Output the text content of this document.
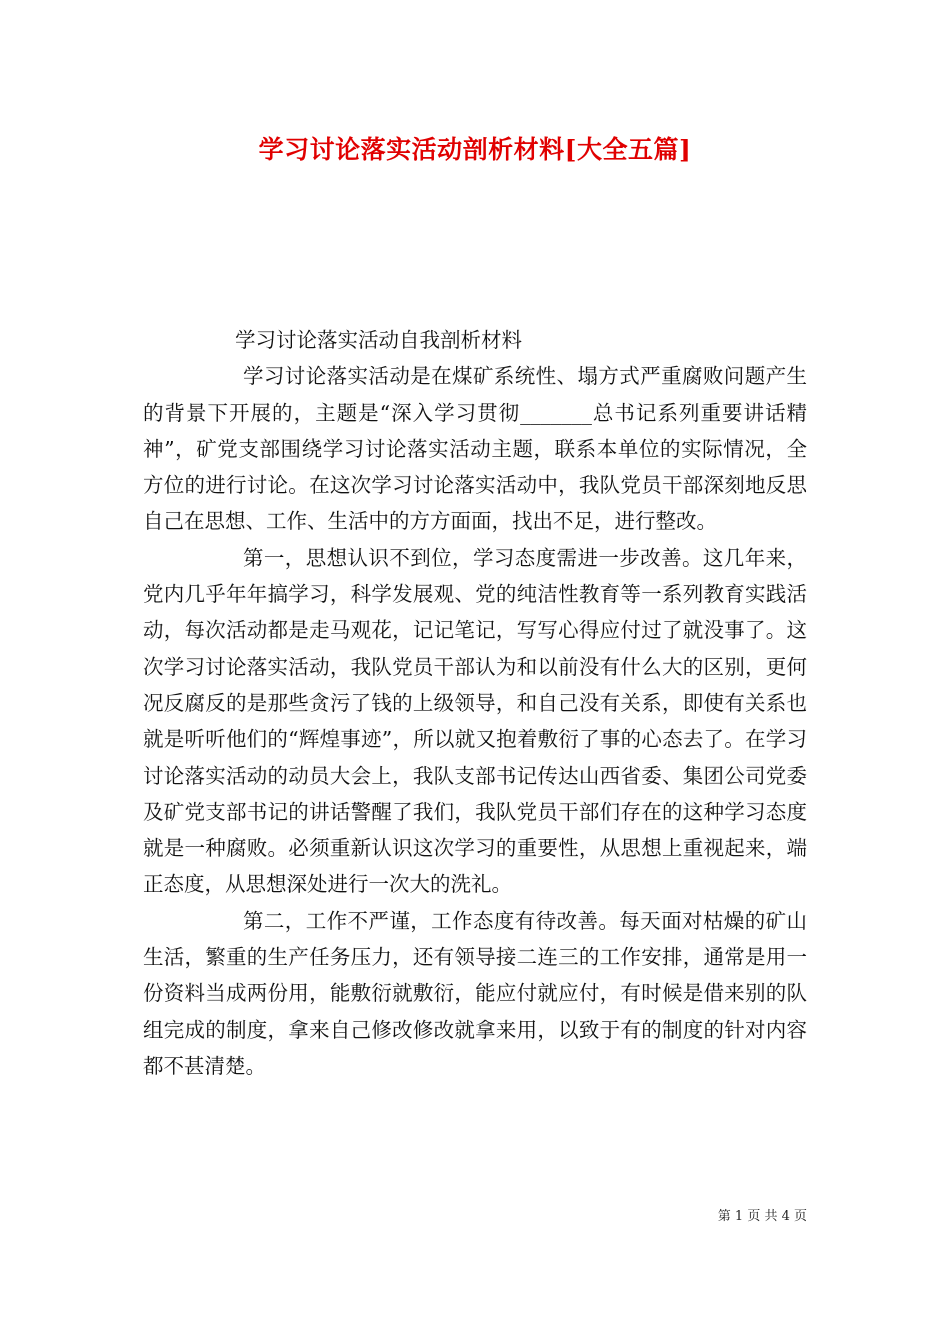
学习讨论落实活动剖析材料[大全五篇]

学习讨论落实活动自我剖析材料

学习讨论落实活动是在煤矿系统性、塌方式严重腐败问题产生的背景下开展的，主题是“深入学习贯彻_______总书记系列重要讲话精神”，矿党支部围绕学习讨论落实活动主题，联系本单位的实际情况，全方位的进行讨论。在这次学习讨论落实活动中，我队党员干部深刻地反思自己在思想、工作、生活中的方方面面，找出不足，进行整改。

第一，思想认识不到位，学习态度需进一步改善。这几年来，党内几乎年年搞学习，科学发展观、党的纯洁性教育等一系列教育实践活动，每次活动都是走马观花，记记笔记，写写心得应付过了就没事了。这次学习讨论落实活动，我队党员干部认为和以前没有什么大的区别，更何况反腐反的是那些贪污了钱的上级领导，和自己没有关系，即使有关系也就是听听他们的“辉煌事迹”，所以就又抱着敷衍了事的心态去了。在学习讨论落实活动的动员大会上，我队支部书记传达山西省委、集团公司党委及矿党支部书记的讲话警醒了我们，我队党员干部们存在的这种学习态度就是一种腐败。必须重新认识这次学习的重要性，从思想上重视起来，端正态度，从思想深处进行一次大的洗礼。

第二，工作不严谨，工作态度有待改善。每天面对枯燥的矿山生活，繁重的生产任务压力，还有领导接二连三的工作安排，通常是用一份资料当成两份用，能敷衍就敷衍，能应付就应付，有时候是借来别的队组完成的制度，拿来自己修改修改就拿来用，以致于有的制度的针对内容都不甚清楚。

第 1 页 共 4 页
